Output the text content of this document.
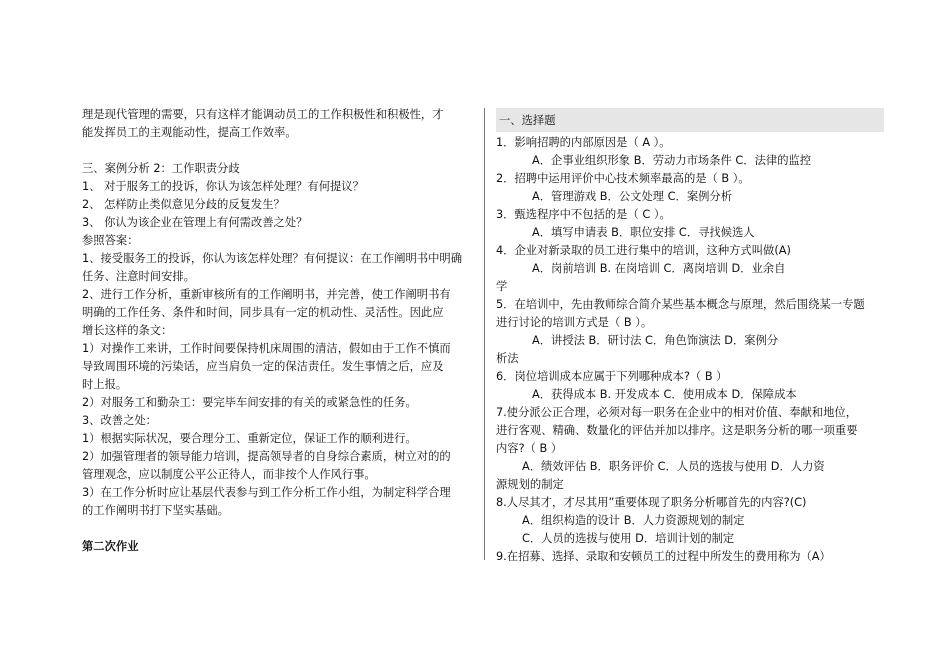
理是现代管理的需要，只有这样才能调动员工的工作积极性和积极性，才
能发挥员工的主观能动性，提高工作效率。
三、案例分析 2：工作职责分歧
1、 对于服务工的投诉，你认为该怎样处理？有何提议？
2、 怎样防止类似意见分歧的反复发生？
3、 你认为该企业在管理上有何需改善之处？
参照答案：
1、接受服务工的投诉，你认为该怎样处理？有何提议：在工作阐明书中明确
任务、注意时间安排。
2、进行工作分析，重新审核所有的工作阐明书，并完善，使工作阐明书有
明确的工作任务、条件和时间，同步具有一定的机动性、灵活性。因此应
增长这样的条文：
1）对操作工来讲，工作时间要保持机床周围的清洁，假如由于工作不慎而
导致周围环境的污染话，应当肩负一定的保洁责任。发生事情之后，应及
时上报。
2）对服务工和勤杂工：要完毕车间安排的有关的或紧急性的任务。
3、改善之处：
1）根据实际状况，要合理分工、重新定位，保证工作的顺利进行。
2）加强管理者的领导能力培训，提高领导者的自身综合素质，树立对的的
管理观念，应以制度公平公正待人，而非按个人作风行事。
3）在工作分析时应让基层代表参与到工作分析工作小组，为制定科学合理
的工作阐明书打下坚实基础。
第二次作业
一、选择题
1．影响招聘的内部原因是（ A ）。
A．企事业组织形象 B．劳动力市场条件 C．法律的监控
2．招聘中运用评价中心技术频率最高的是（ B ）。
A．管理游戏 B．公文处理 C．案例分析
3．甄选程序中不包括的是（ C ）。
A．填写申请表 B．职位安排 C．寻找候选人
4．企业对新录取的员工进行集中的培训，这种方式叫做(A)
A．岗前培训 B. 在岗培训 C．离岗培训 D．业余自
学
5．在培训中，先由教师综合简介某些基本概念与原理，然后围绕某一专题
进行讨论的培训方式是（ B ）。
A．讲授法 B．研讨法 C．角色饰演法 D．案例分
析法
6．岗位培训成本应属于下列哪种成本?（ B ）
A．获得成本 B. 开发成本 C．使用成本 D．保障成本
7.使分派公正合理，必须对每一职务在企业中的相对价值、奉献和地位，
进行客观、精确、数量化的评估并加以排序。这是职务分析的哪一项重要
内容?（ B ）
A．绩效评估 B．职务评价 C．人员的选拔与使用 D．人力资
源规划的制定
8.人尽其才，才尽其用”重要体现了职务分析哪首先的内容?(C)
A．组织构造的设计 B．人力资源规划的制定
C．人员的选拔与使用 D．培训计划的制定
9.在招募、选择、录取和安顿员工的过程中所发生的费用称为（A）
